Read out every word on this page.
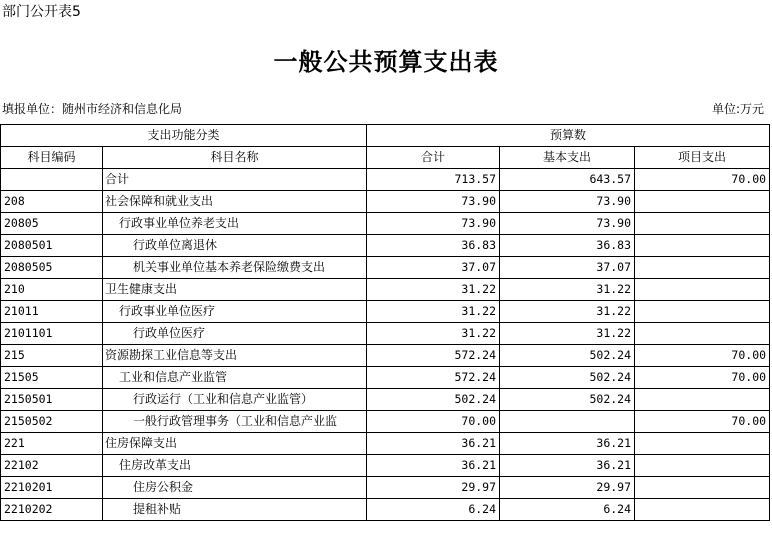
部门公开表5
一般公共预算支出表
填报单位：随州市经济和信息化局	单位:万元
支出功能分类		预算数		
科目编码	科目名称	合计	基本支出	项目支出
	合计	713.57	643.57	70.00
208	社会保障和就业支出	73.90	73.90	
20805	行政事业单位养老支出	73.90	73.90	
2080501	行政单位离退休	36.83	36.83	
2080505	机关事业单位基本养老保险缴费支出	37.07	37.07	
210	卫生健康支出	31.22	31.22	
21011	行政事业单位医疗	31.22	31.22	
2101101	行政单位医疗	31.22	31.22	
215	资源勘探工业信息等支出	572.24	502.24	70.00
21505	工业和信息产业监管	572.24	502.24	70.00
2150501	行政运行（工业和信息产业监管）	502.24	502.24	
2150502	一般行政管理事务（工业和信息产业监	70.00		70.00
221	住房保障支出	36.21	36.21	
22102	住房改革支出	36.21	36.21	
2210201	住房公积金	29.97	29.97	
2210202	提租补贴	6.24	6.24	
